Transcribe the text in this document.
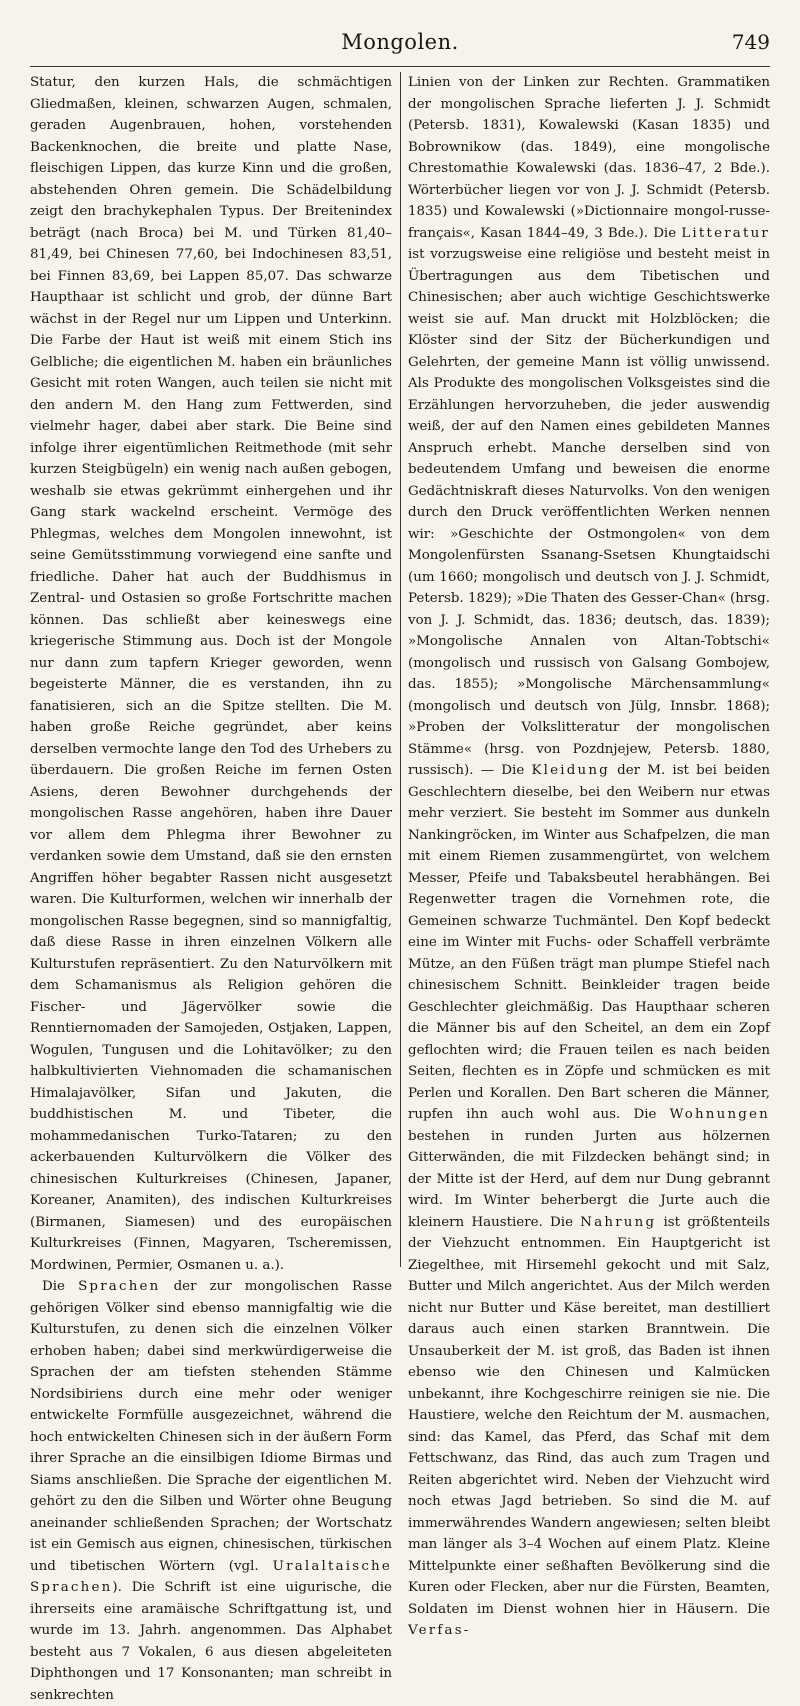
Mongolen.	749

Statur, den kurzen Hals, die schmächtigen Gliedmaßen, kleinen, schwarzen Augen, schmalen, geraden Augenbrauen, hohen, vorstehenden Backenknochen, die breite und platte Nase, fleischigen Lippen, das kurze Kinn und die großen, abstehenden Ohren gemein. Die Schädelbildung zeigt den brachykephalen Typus. Der Breitenindex beträgt (nach Broca) bei M. und Türken 81,40–81,49, bei Chinesen 77,60, bei Indochinesen 83,51, bei Finnen 83,69, bei Lappen 85,07. Das schwarze Haupthaar ist schlicht und grob, der dünne Bart wächst in der Regel nur um Lippen und Unterkinn. Die Farbe der Haut ist weiß mit einem Stich ins Gelbliche; die eigentlichen M. haben ein bräunliches Gesicht mit roten Wangen, auch teilen sie nicht mit den andern M. den Hang zum Fettwerden, sind vielmehr hager, dabei aber stark. Die Beine sind infolge ihrer eigentümlichen Reitmethode (mit sehr kurzen Steigbügeln) ein wenig nach außen gebogen, weshalb sie etwas gekrümmt einhergehen und ihr Gang stark wackelnd erscheint. Vermöge des Phlegmas, welches dem Mongolen innewohnt, ist seine Gemütsstimmung vorwiegend eine sanfte und friedliche. Daher hat auch der Buddhismus in Zentral- und Ostasien so große Fortschritte machen können. Das schließt aber keineswegs eine kriegerische Stimmung aus. Doch ist der Mongole nur dann zum tapfern Krieger geworden, wenn begeisterte Männer, die es verstanden, ihn zu fanatisieren, sich an die Spitze stellten. Die M. haben große Reiche gegründet, aber keins derselben vermochte lange den Tod des Urhebers zu überdauern. Die großen Reiche im fernen Osten Asiens, deren Bewohner durchgehends der mongolischen Rasse angehören, haben ihre Dauer vor allem dem Phlegma ihrer Bewohner zu verdanken sowie dem Umstand, daß sie den ernsten Angriffen höher begabter Rassen nicht ausgesetzt waren. Die Kulturformen, welchen wir innerhalb der mongolischen Rasse begegnen, sind so mannigfaltig, daß diese Rasse in ihren einzelnen Völkern alle Kulturstufen repräsentiert. Zu den Naturvölkern mit dem Schamanismus als Religion gehören die Fischer- und Jägervölker sowie die Renntiernomaden der Samojeden, Ostjaken, Lappen, Wogulen, Tungusen und die Lohitavölker; zu den halbkultivierten Viehnomaden die schamanischen Himalajavölker, Sifan und Jakuten, die buddhistischen M. und Tibeter, die mohammedanischen Turko-Tataren; zu den ackerbauenden Kulturvölkern die Völker des chinesischen Kulturkreises (Chinesen, Japaner, Koreaner, Anamiten), des indischen Kulturkreises (Birmanen, Siamesen) und des europäischen Kulturkreises (Finnen, Magyaren, Tscheremissen, Mordwinen, Permier, Osmanen u. a.).

Die Sprachen der zur mongolischen Rasse gehörigen Völker sind ebenso mannigfaltig wie die Kulturstufen, zu denen sich die einzelnen Völker erhoben haben; dabei sind merkwürdigerweise die Sprachen der am tiefsten stehenden Stämme Nordsibiriens durch eine mehr oder weniger entwickelte Formfülle ausgezeichnet, während die hoch entwickelten Chinesen sich in der äußern Form ihrer Sprache an die einsilbigen Idiome Birmas und Siams anschließen. Die Sprache der eigentlichen M. gehört zu den die Silben und Wörter ohne Beugung aneinander schließenden Sprachen; der Wortschatz ist ein Gemisch aus eignen, chinesischen, türkischen und tibetischen Wörtern (vgl. Uralaltaische Sprachen). Die Schrift ist eine uigurische, die ihrerseits eine aramäische Schriftgattung ist, und wurde im 13. Jahrh. angenommen. Das Alphabet besteht aus 7 Vokalen, 6 aus diesen abgeleiteten Diphthongen und 17 Konsonanten; man schreibt in senkrechten

Linien von der Linken zur Rechten. Grammatiken der mongolischen Sprache lieferten J. J. Schmidt (Petersb. 1831), Kowalewski (Kasan 1835) und Bobrownikow (das. 1849), eine mongolische Chrestomathie Kowalewski (das. 1836–47, 2 Bde.). Wörterbücher liegen vor von J. J. Schmidt (Petersb. 1835) und Kowalewski (»Dictionnaire mongol-russe-français«, Kasan 1844–49, 3 Bde.). Die Litteratur ist vorzugsweise eine religiöse und besteht meist in Übertragungen aus dem Tibetischen und Chinesischen; aber auch wichtige Geschichtswerke weist sie auf. Man druckt mit Holzblöcken; die Klöster sind der Sitz der Bücherkundigen und Gelehrten, der gemeine Mann ist völlig unwissend. Als Produkte des mongolischen Volksgeistes sind die Erzählungen hervorzuheben, die jeder auswendig weiß, der auf den Namen eines gebildeten Mannes Anspruch erhebt. Manche derselben sind von bedeutendem Umfang und beweisen die enorme Gedächtniskraft dieses Naturvolks. Von den wenigen durch den Druck veröffentlichten Werken nennen wir: »Geschichte der Ostmongolen« von dem Mongolenfürsten Ssanang-Ssetsen Khungtaidschi (um 1660; mongolisch und deutsch von J. J. Schmidt, Petersb. 1829); »Die Thaten des Gesser-Chan« (hrsg. von J. J. Schmidt, das. 1836; deutsch, das. 1839); »Mongolische Annalen von Altan-Tobtschi« (mongolisch und russisch von Galsang Gombojew, das. 1855); »Mongolische Märchensammlung« (mongolisch und deutsch von Jülg, Innsbr. 1868); »Proben der Volkslitteratur der mongolischen Stämme« (hrsg. von Pozdnjejew, Petersb. 1880, russisch). — Die Kleidung der M. ist bei beiden Geschlechtern dieselbe, bei den Weibern nur etwas mehr verziert. Sie besteht im Sommer aus dunkeln Nankingröcken, im Winter aus Schafpelzen, die man mit einem Riemen zusammengürtet, von welchem Messer, Pfeife und Tabaksbeutel herabhängen. Bei Regenwetter tragen die Vornehmen rote, die Gemeinen schwarze Tuchmäntel. Den Kopf bedeckt eine im Winter mit Fuchs- oder Schaffell verbrämte Mütze, an den Füßen trägt man plumpe Stiefel nach chinesischem Schnitt. Beinkleider tragen beide Geschlechter gleichmäßig. Das Haupthaar scheren die Männer bis auf den Scheitel, an dem ein Zopf geflochten wird; die Frauen teilen es nach beiden Seiten, flechten es in Zöpfe und schmücken es mit Perlen und Korallen. Den Bart scheren die Männer, rupfen ihn auch wohl aus. Die Wohnungen bestehen in runden Jurten aus hölzernen Gitterwänden, die mit Filzdecken behängt sind; in der Mitte ist der Herd, auf dem nur Dung gebrannt wird. Im Winter beherbergt die Jurte auch die kleinern Haustiere. Die Nahrung ist größtenteils der Viehzucht entnommen. Ein Hauptgericht ist Ziegelthee, mit Hirsemehl gekocht und mit Salz, Butter und Milch angerichtet. Aus der Milch werden nicht nur Butter und Käse bereitet, man destilliert daraus auch einen starken Branntwein. Die Unsauberkeit der M. ist groß, das Baden ist ihnen ebenso wie den Chinesen und Kalmücken unbekannt, ihre Kochgeschirre reinigen sie nie. Die Haustiere, welche den Reichtum der M. ausmachen, sind: das Kamel, das Pferd, das Schaf mit dem Fettschwanz, das Rind, das auch zum Tragen und Reiten abgerichtet wird. Neben der Viehzucht wird noch etwas Jagd betrieben. So sind die M. auf immerwährendes Wandern angewiesen; selten bleibt man länger als 3–4 Wochen auf einem Platz. Kleine Mittelpunkte einer seßhaften Bevölkerung sind die Kuren oder Flecken, aber nur die Fürsten, Beamten, Soldaten im Dienst wohnen hier in Häusern. Die Verfas-
